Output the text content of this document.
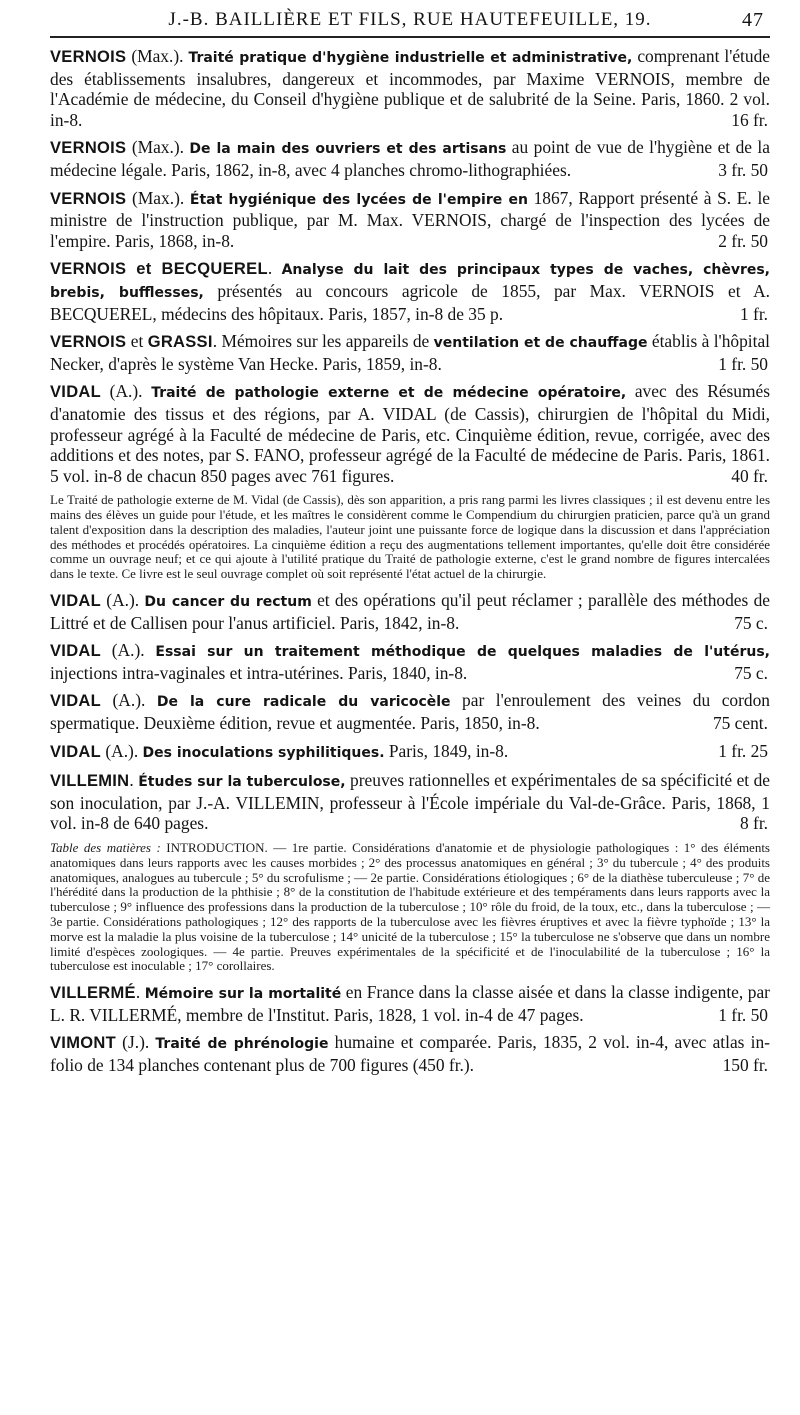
J.-B. BAILLIÈRE ET FILS, RUE HAUTEFEUILLE, 19.	47
VERNOIS (Max.). Traité pratique d'hygiène industrielle et administrative, comprenant l'étude des établissements insalubres, dangereux et incommodes, par Maxime VERNOIS, membre de l'Académie de médecine, du Conseil d'hygiène publique et de salubrité de la Seine. Paris, 1860. 2 vol. in-8.	16 fr.
VERNOIS (Max.). De la main des ouvriers et des artisans au point de vue de l'hygiène et de la médecine légale. Paris, 1862, in-8, avec 4 planches chromo-lithographiées.	3 fr. 50
VERNOIS (Max.). État hygiénique des lycées de l'empire en 1867, Rapport présenté à S. E. le ministre de l'instruction publique, par M. Max. VERNOIS, chargé de l'inspection des lycées de l'empire. Paris, 1868, in-8.	2 fr. 50
VERNOIS et BECQUEREL. Analyse du lait des principaux types de vaches, chèvres, brebis, bufflesses, présentés au concours agricole de 1855, par Max. VERNOIS et A. BECQUEREL, médecins des hôpitaux. Paris, 1857, in-8 de 35 p.	1 fr.
VERNOIS et GRASSI. Mémoires sur les appareils de ventilation et de chauffage établis à l'hôpital Necker, d'après le système Van Hecke. Paris, 1859, in-8.	1 fr. 50
VIDAL (A.). Traité de pathologie externe et de médecine opératoire, avec des Résumés d'anatomie des tissus et des régions, par A. VIDAL (de Cassis), chirurgien de l'hôpital du Midi, professeur agrégé à la Faculté de médecine de Paris, etc. Cinquième édition, revue, corrigée, avec des additions et des notes, par S. FANO, professeur agrégé de la Faculté de médecine de Paris. Paris, 1861. 5 vol. in-8 de chacun 850 pages avec 761 figures.	40 fr.
Le Traité de pathologie externe de M. Vidal (de Cassis), dès son apparition, a pris rang parmi les livres classiques ; il est devenu entre les mains des élèves un guide pour l'étude, et les maîtres le considèrent comme le Compendium du chirurgien praticien, parce qu'à un grand talent d'exposition dans la description des maladies, l'auteur joint une puissante force de logique dans la discussion et dans l'appréciation des méthodes et procédés opératoires. La cinquième édition a reçu des augmentations tellement importantes, qu'elle doit être considérée comme un ouvrage neuf; et ce qui ajoute à l'utilité pratique du Traité de pathologie externe, c'est le grand nombre de figures intercalées dans le texte. Ce livre est le seul ouvrage complet où soit représenté l'état actuel de la chirurgie.
VIDAL (A.). Du cancer du rectum et des opérations qu'il peut réclamer ; parallèle des méthodes de Littré et de Callisen pour l'anus artificiel. Paris, 1842, in-8.	75 c.
VIDAL (A.). Essai sur un traitement méthodique de quelques maladies de l'utérus, injections intra-vaginales et intra-utérines. Paris, 1840, in-8.	75 c.
VIDAL (A.). De la cure radicale du varicocèle par l'enroulement des veines du cordon spermatique. Deuxième édition, revue et augmentée. Paris, 1850, in-8.	75 cent.
VIDAL (A.). Des inoculations syphilitiques. Paris, 1849, in-8.	1 fr. 25
VILLEMIN. Études sur la tuberculose, preuves rationnelles et expérimentales de sa spécificité et de son inoculation, par J.-A. VILLEMIN, professeur à l'École impériale du Val-de-Grâce. Paris, 1868, 1 vol. in-8 de 640 pages.	8 fr.
Table des matières : INTRODUCTION. — 1re partie. Considérations d'anatomie et de physiologie pathologiques : 1° des éléments anatomiques dans leurs rapports avec les causes morbides ; 2° des processus anatomiques en général ; 3° du tubercule ; 4° des produits anatomiques, analogues au tubercule ; 5° du scrofulisme ; — 2e partie. Considérations étiologiques ; 6° de la diathèse tuberculeuse ; 7° de l'hérédité dans la production de la phthisie ; 8° de la constitution de l'habitude extérieure et des tempéraments dans leurs rapports avec la tuberculose ; 9° influence des professions dans la production de la tuberculose ; 10° rôle du froid, de la toux, etc., dans la tuberculose ; — 3e partie. Considérations pathologiques ; 12° des rapports de la tuberculose avec les fièvres éruptives et avec la fièvre typhoïde ; 13° la morve est la maladie la plus voisine de la tuberculose ; 14° unicité de la tuberculose ; 15° la tuberculose ne s'observe que dans un nombre limité d'espèces zoologiques. — 4e partie. Preuves expérimentales de la spécificité et de l'inoculabilité de la tuberculose ; 16° la tuberculose est inoculable ; 17° corollaires.
VILLERMÉ. Mémoire sur la mortalité en France dans la classe aisée et dans la classe indigente, par L. R. VILLERMÉ, membre de l'Institut. Paris, 1828, 1 vol. in-4 de 47 pages.	1 fr. 50
VIMONT (J.). Traité de phrénologie humaine et comparée. Paris, 1835, 2 vol. in-4, avec atlas in-folio de 134 planches contenant plus de 700 figures (450 fr.).	150 fr.
